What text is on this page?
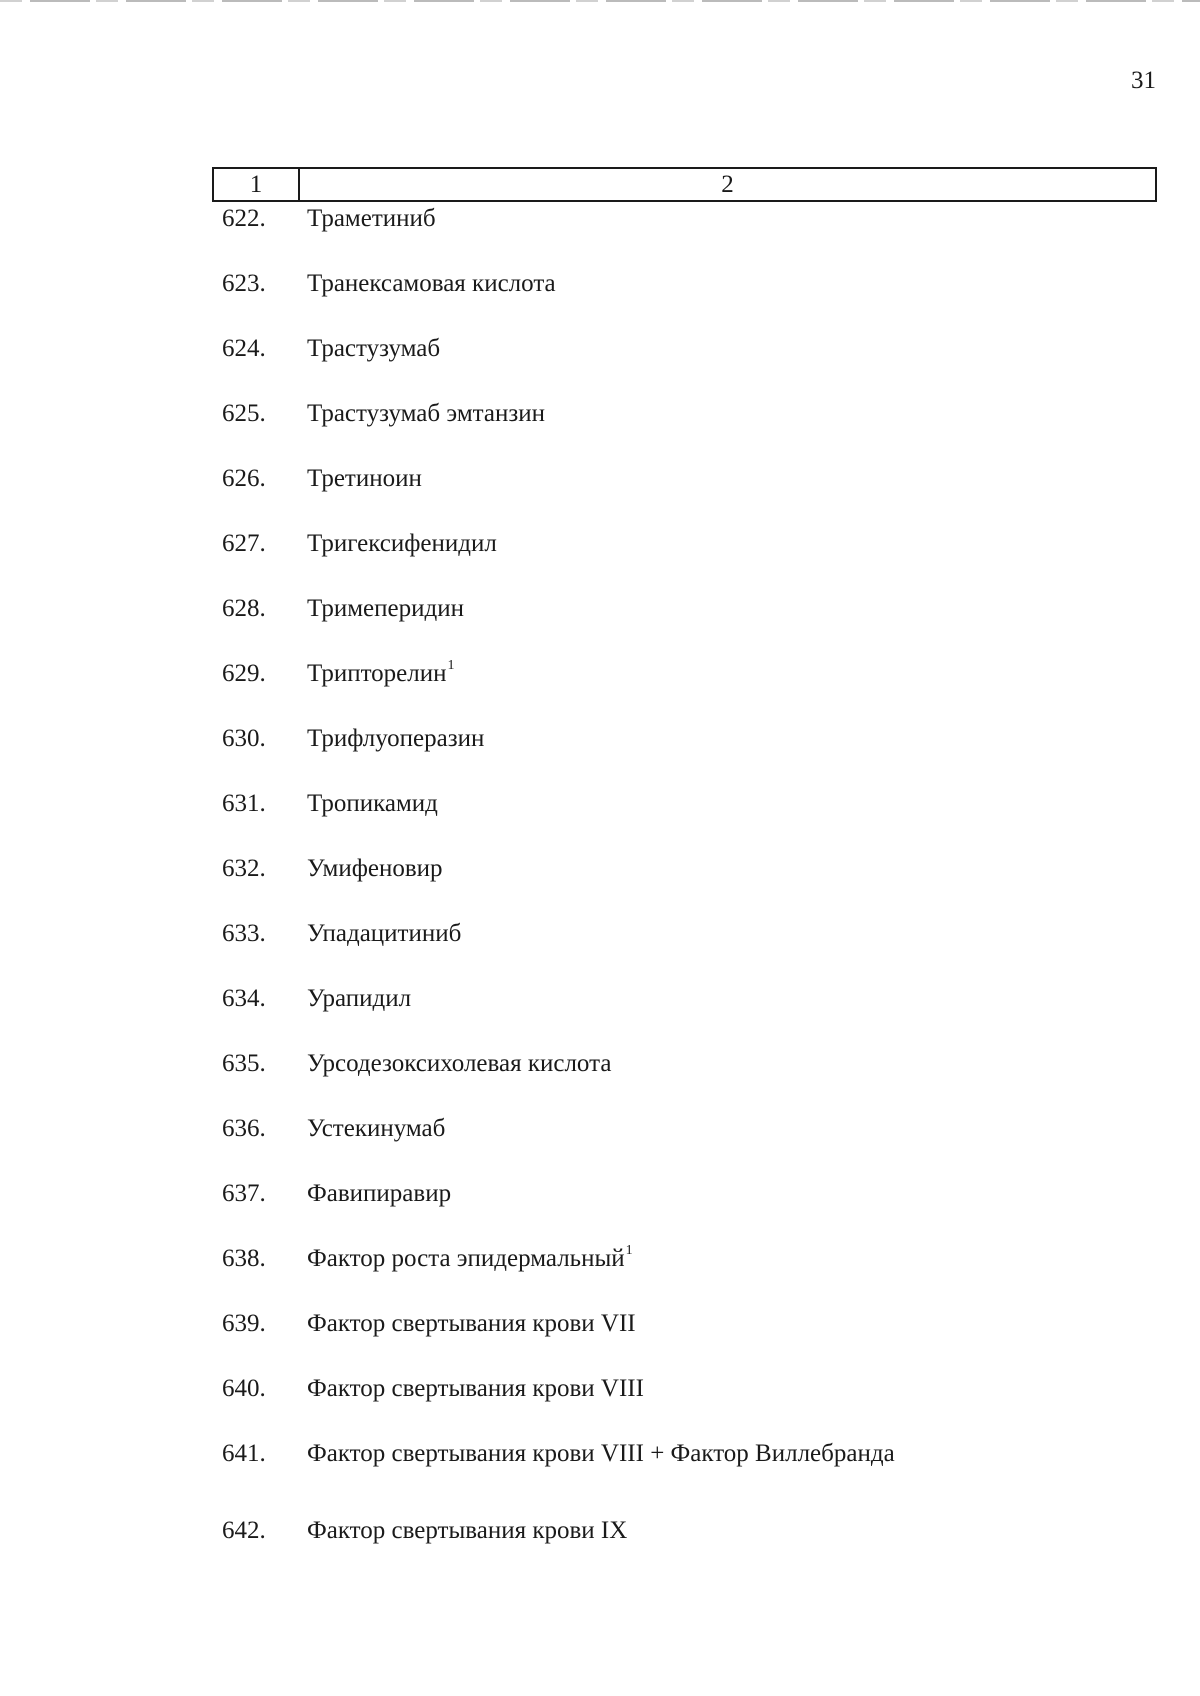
31
1	2
622.	Траметиниб
623.	Транексамовая кислота
624.	Трастузумаб
625.	Трастузумаб эмтанзин
626.	Третиноин
627.	Тригексифенидил
628.	Тримеперидин
629.	Трипторелин$^1$
630.	Трифлуоперазин
631.	Тропикамид
632.	Умифеновир
633.	Упадацитиниб
634.	Урапидил
635.	Урсодезоксихолевая кислота
636.	Устекинумаб
637.	Фавипиравир
638.	Фактор роста эпидермальный$^1$
639.	Фактор свертывания крови VII
640.	Фактор свертывания крови VIII
641.	Фактор свертывания крови VIII + Фактор Виллебранда
642.	Фактор свертывания крови IX
